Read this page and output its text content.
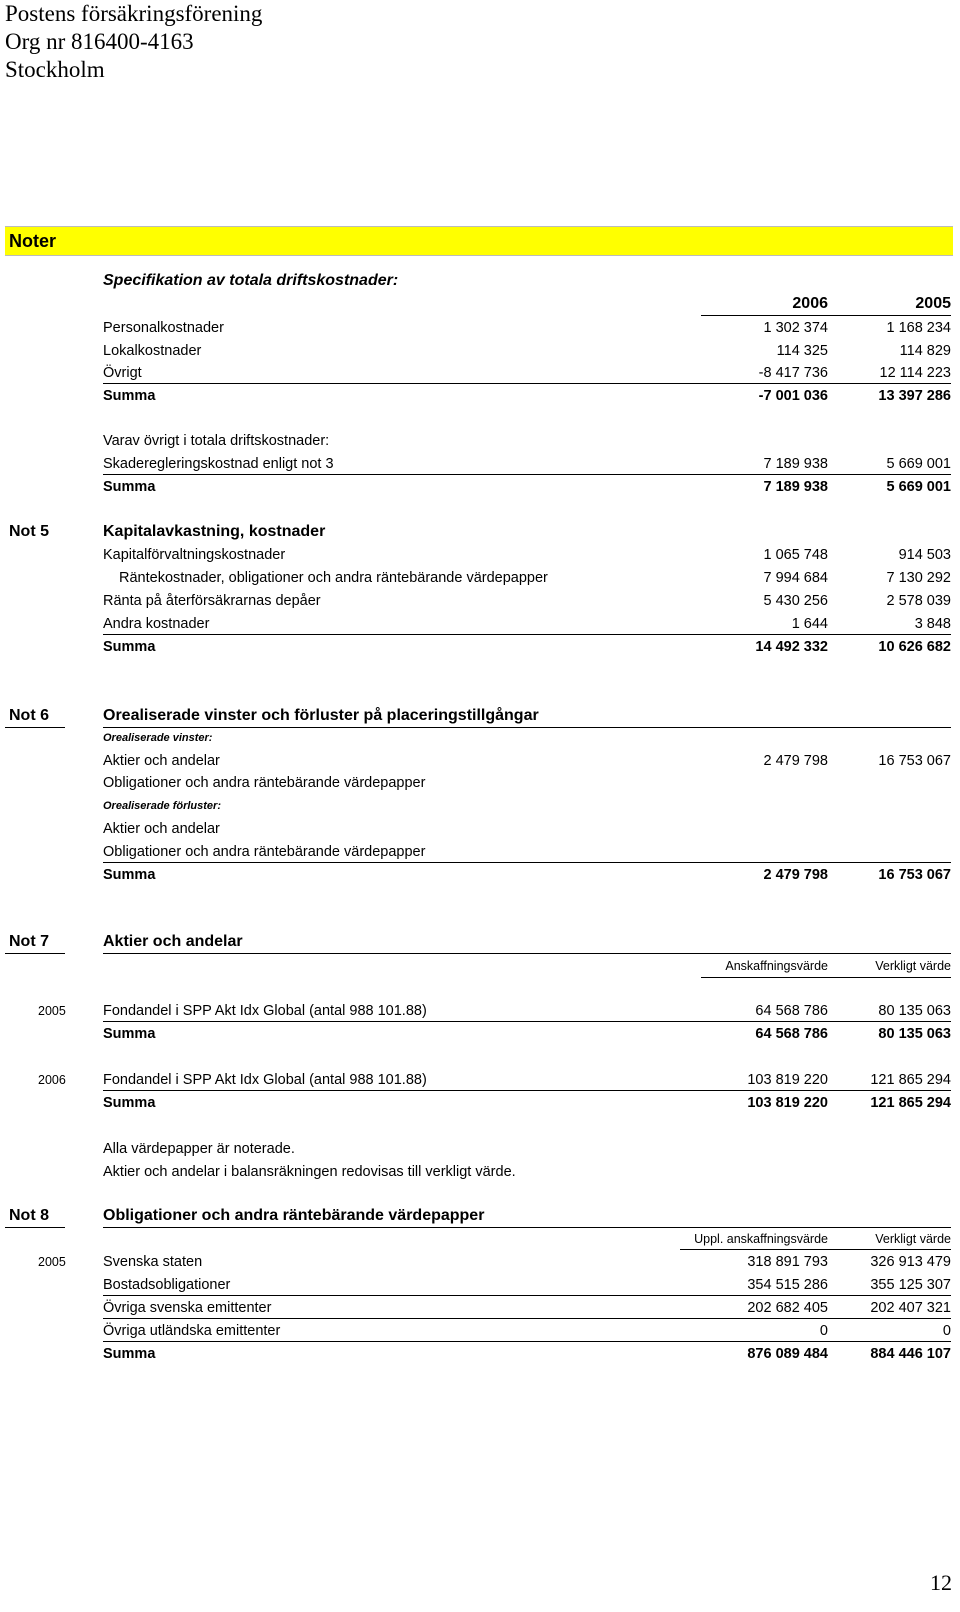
Postens försäkringsförening
Org nr 816400-4163
Stockholm
Noter
Specifikation av totala driftskostnader:
2006	2005
Personalkostnader	1 302 374	1 168 234
Lokalkostnader	114 325	114 829
Övrigt	-8 417 736	12 114 223
Summa	-7 001 036	13 397 286
Varav övrigt i totala driftskostnader:
Skaderegleringskostnad enligt not 3	7 189 938	5 669 001
Summa	7 189 938	5 669 001
Not 5	Kapitalavkastning, kostnader
Kapitalförvaltningskostnader	1 065 748	914 503
Räntekostnader, obligationer och andra räntebärande värdepapper	7 994 684	7 130 292
Ränta på återförsäkrarnas depåer	5 430 256	2 578 039
Andra kostnader	1 644	3 848
Summa	14 492 332	10 626 682
Not 6	Orealiserade vinster och förluster på placeringstillgångar
Orealiserade vinster:
Aktier och andelar	2 479 798	16 753 067
Obligationer och andra räntebärande värdepapper
Orealiserade förluster:
Aktier och andelar
Obligationer och andra räntebärande värdepapper
Summa	2 479 798	16 753 067
Not 7	Aktier och andelar
Anskaffningsvärde	Verkligt värde
2005	Fondandel i SPP Akt Idx Global (antal 988 101.88)	64 568 786	80 135 063
Summa	64 568 786	80 135 063
2006	Fondandel i SPP Akt Idx Global (antal 988 101.88)	103 819 220	121 865 294
Summa	103 819 220	121 865 294
Alla värdepapper är noterade.
Aktier och andelar i balansräkningen redovisas till verkligt värde.
Not 8	Obligationer och andra räntebärande värdepapper
Uppl. anskaffningsvärde	Verkligt värde
2005	Svenska staten	318 891 793	326 913 479
Bostadsobligationer	354 515 286	355 125 307
Övriga svenska emittenter	202 682 405	202 407 321
Övriga utländska emittenter	0	0
Summa	876 089 484	884 446 107
12
